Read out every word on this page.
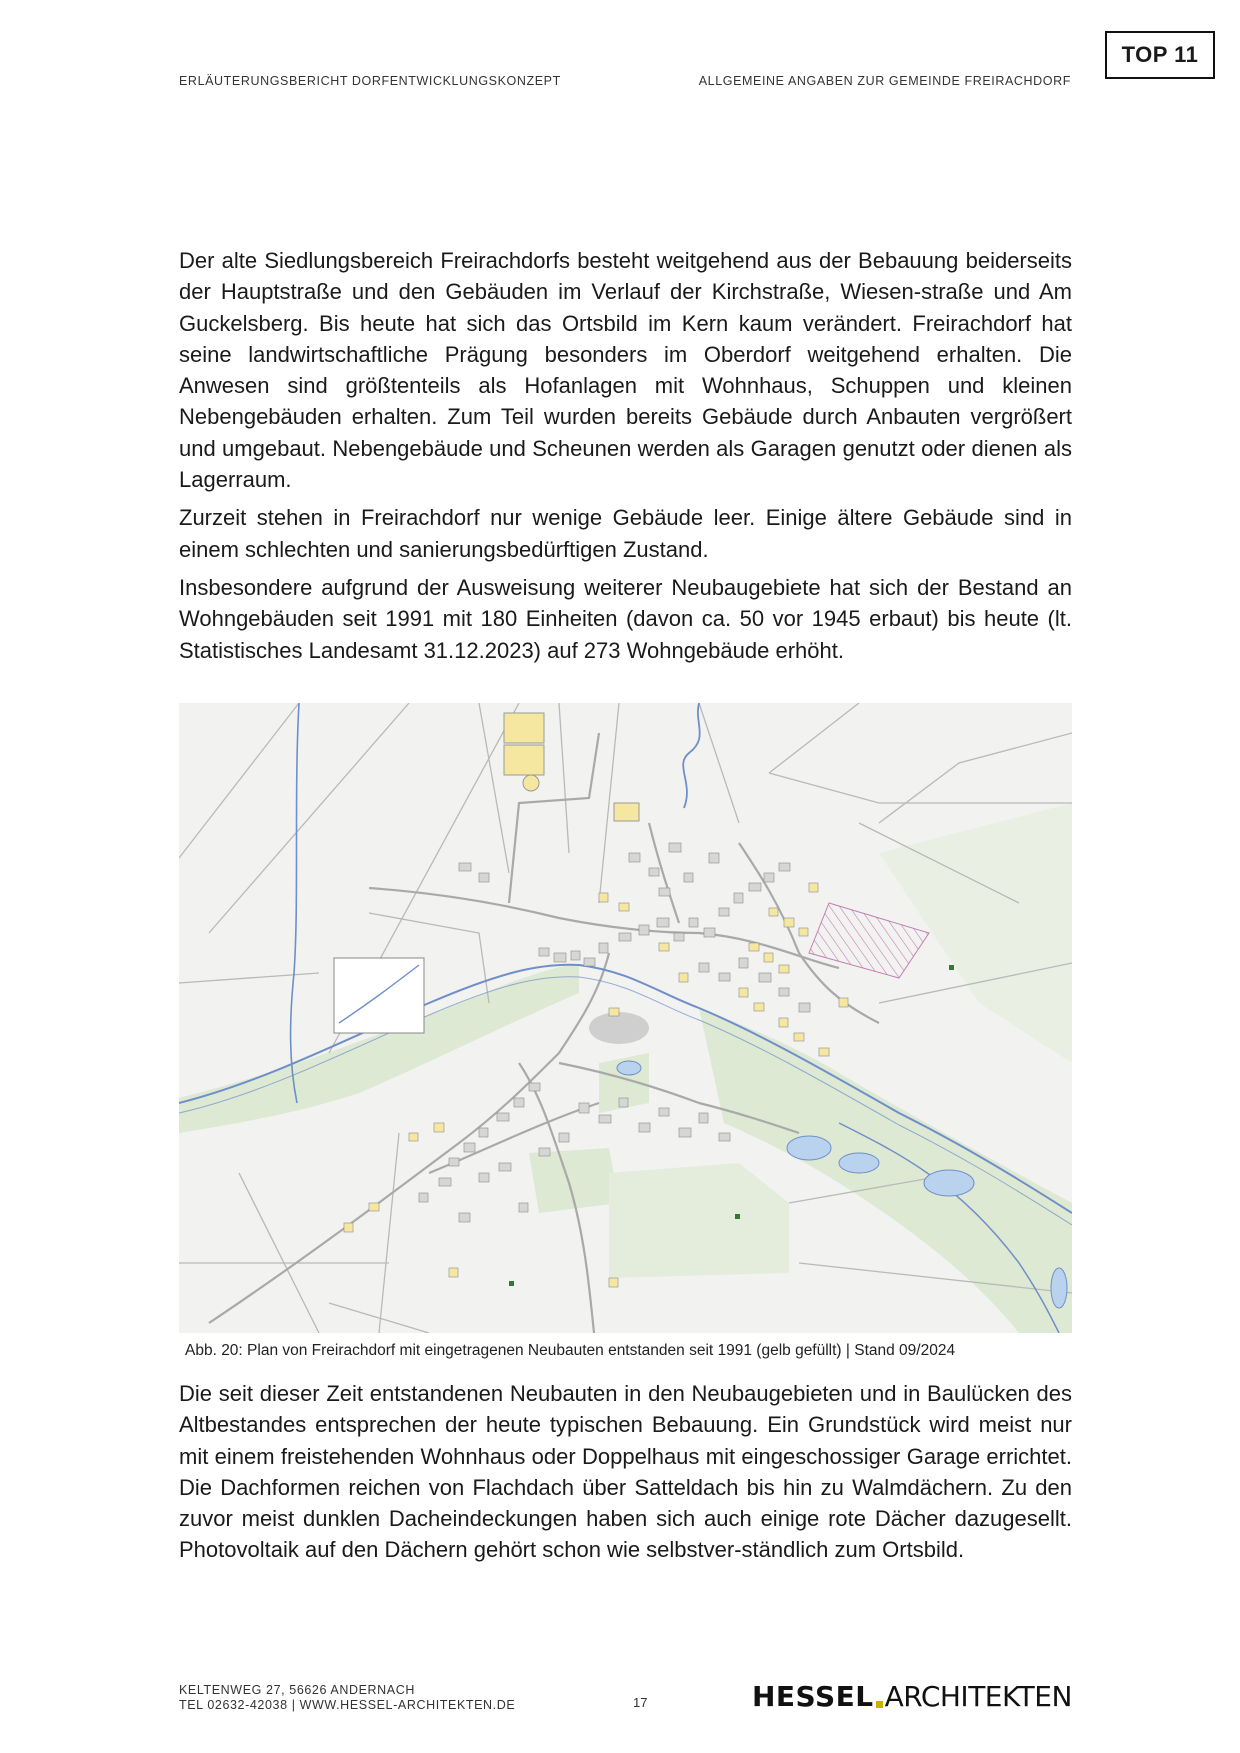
TOP 11
ERLÄUTERUNGSBERICHT DORFENTWICKLUNGSKONZEPT	ALLGEMEINE ANGABEN ZUR GEMEINDE FREIRACHDORF

Der alte Siedlungsbereich Freirachdorfs besteht weitgehend aus der Bebauung beiderseits der Hauptstraße und den Gebäuden im Verlauf der Kirchstraße, Wiesen-straße und Am Guckelsberg. Bis heute hat sich das Ortsbild im Kern kaum verändert. Freirachdorf hat seine landwirtschaftliche Prägung besonders im Oberdorf weitgehend erhalten. Die Anwesen sind größtenteils als Hofanlagen mit Wohnhaus, Schuppen und kleinen Nebengebäuden erhalten. Zum Teil wurden bereits Gebäude durch Anbauten vergrößert und umgebaut. Nebengebäude und Scheunen werden als Garagen genutzt oder dienen als Lagerraum.

Zurzeit stehen in Freirachdorf nur wenige Gebäude leer. Einige ältere Gebäude sind in einem schlechten und sanierungsbedürftigen Zustand.

Insbesondere aufgrund der Ausweisung weiterer Neubaugebiete hat sich der Bestand an Wohngebäuden seit 1991 mit 180 Einheiten (davon ca. 50 vor 1945 erbaut) bis heute (lt. Statistisches Landesamt 31.12.2023) auf 273 Wohngebäude erhöht.

Abb. 20: Plan von Freirachdorf mit eingetragenen Neubauten entstanden seit 1991 (gelb gefüllt) | Stand 09/2024

Die seit dieser Zeit entstandenen Neubauten in den Neubaugebieten und in Baulücken des Altbestandes entsprechen der heute typischen Bebauung. Ein Grundstück wird meist nur mit einem freistehenden Wohnhaus oder Doppelhaus mit eingeschossiger Garage errichtet. Die Dachformen reichen von Flachdach über Satteldach bis hin zu Walmdächern. Zu den zuvor meist dunklen Dacheindeckungen haben sich auch einige rote Dächer dazugesellt. Photovoltaik auf den Dächern gehört schon wie selbstver-ständlich zum Ortsbild.

KELTENWEG 27, 56626 ANDERNACH
TEL 02632-42038 | WWW.HESSEL-ARCHITEKTEN.DE	17	HESSEL ARCHITEKTEN
